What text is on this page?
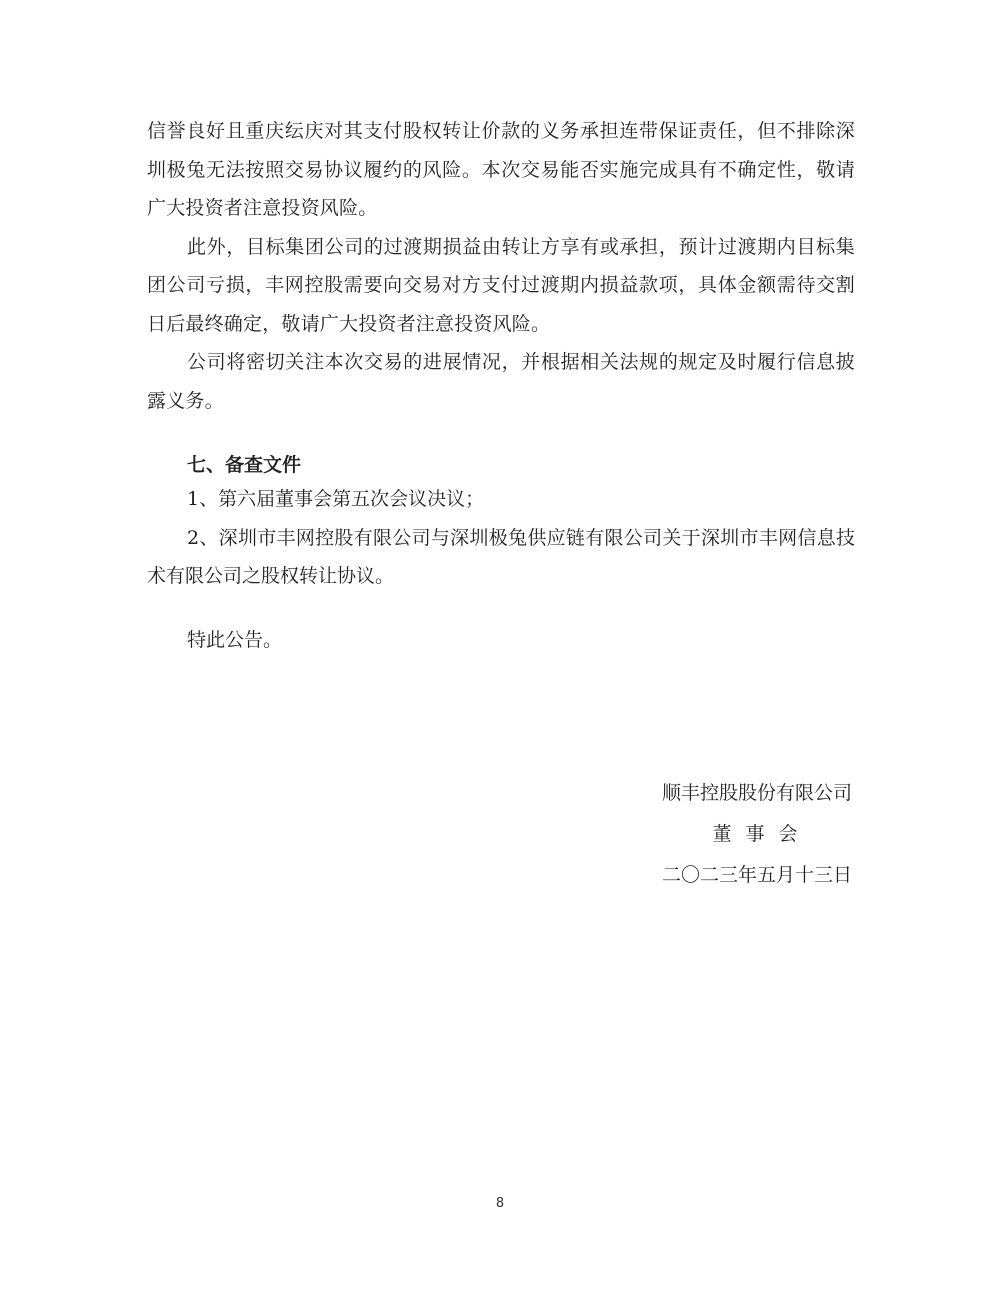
信誉良好且重庆纭庆对其支付股权转让价款的义务承担连带保证责任，但不排除深
圳极兔无法按照交易协议履约的风险。本次交易能否实施完成具有不确定性，敬请
广大投资者注意投资风险。
此外，目标集团公司的过渡期损益由转让方享有或承担，预计过渡期内目标集
团公司亏损，丰网控股需要向交易对方支付过渡期内损益款项，具体金额需待交割
日后最终确定，敬请广大投资者注意投资风险。
公司将密切关注本次交易的进展情况，并根据相关法规的规定及时履行信息披
露义务。
七、备查文件
1、第六届董事会第五次会议决议；
2、深圳市丰网控股有限公司与深圳极兔供应链有限公司关于深圳市丰网信息技
术有限公司之股权转让协议。
特此公告。
顺丰控股股份有限公司
董事会
二〇二三年五月十三日
8
